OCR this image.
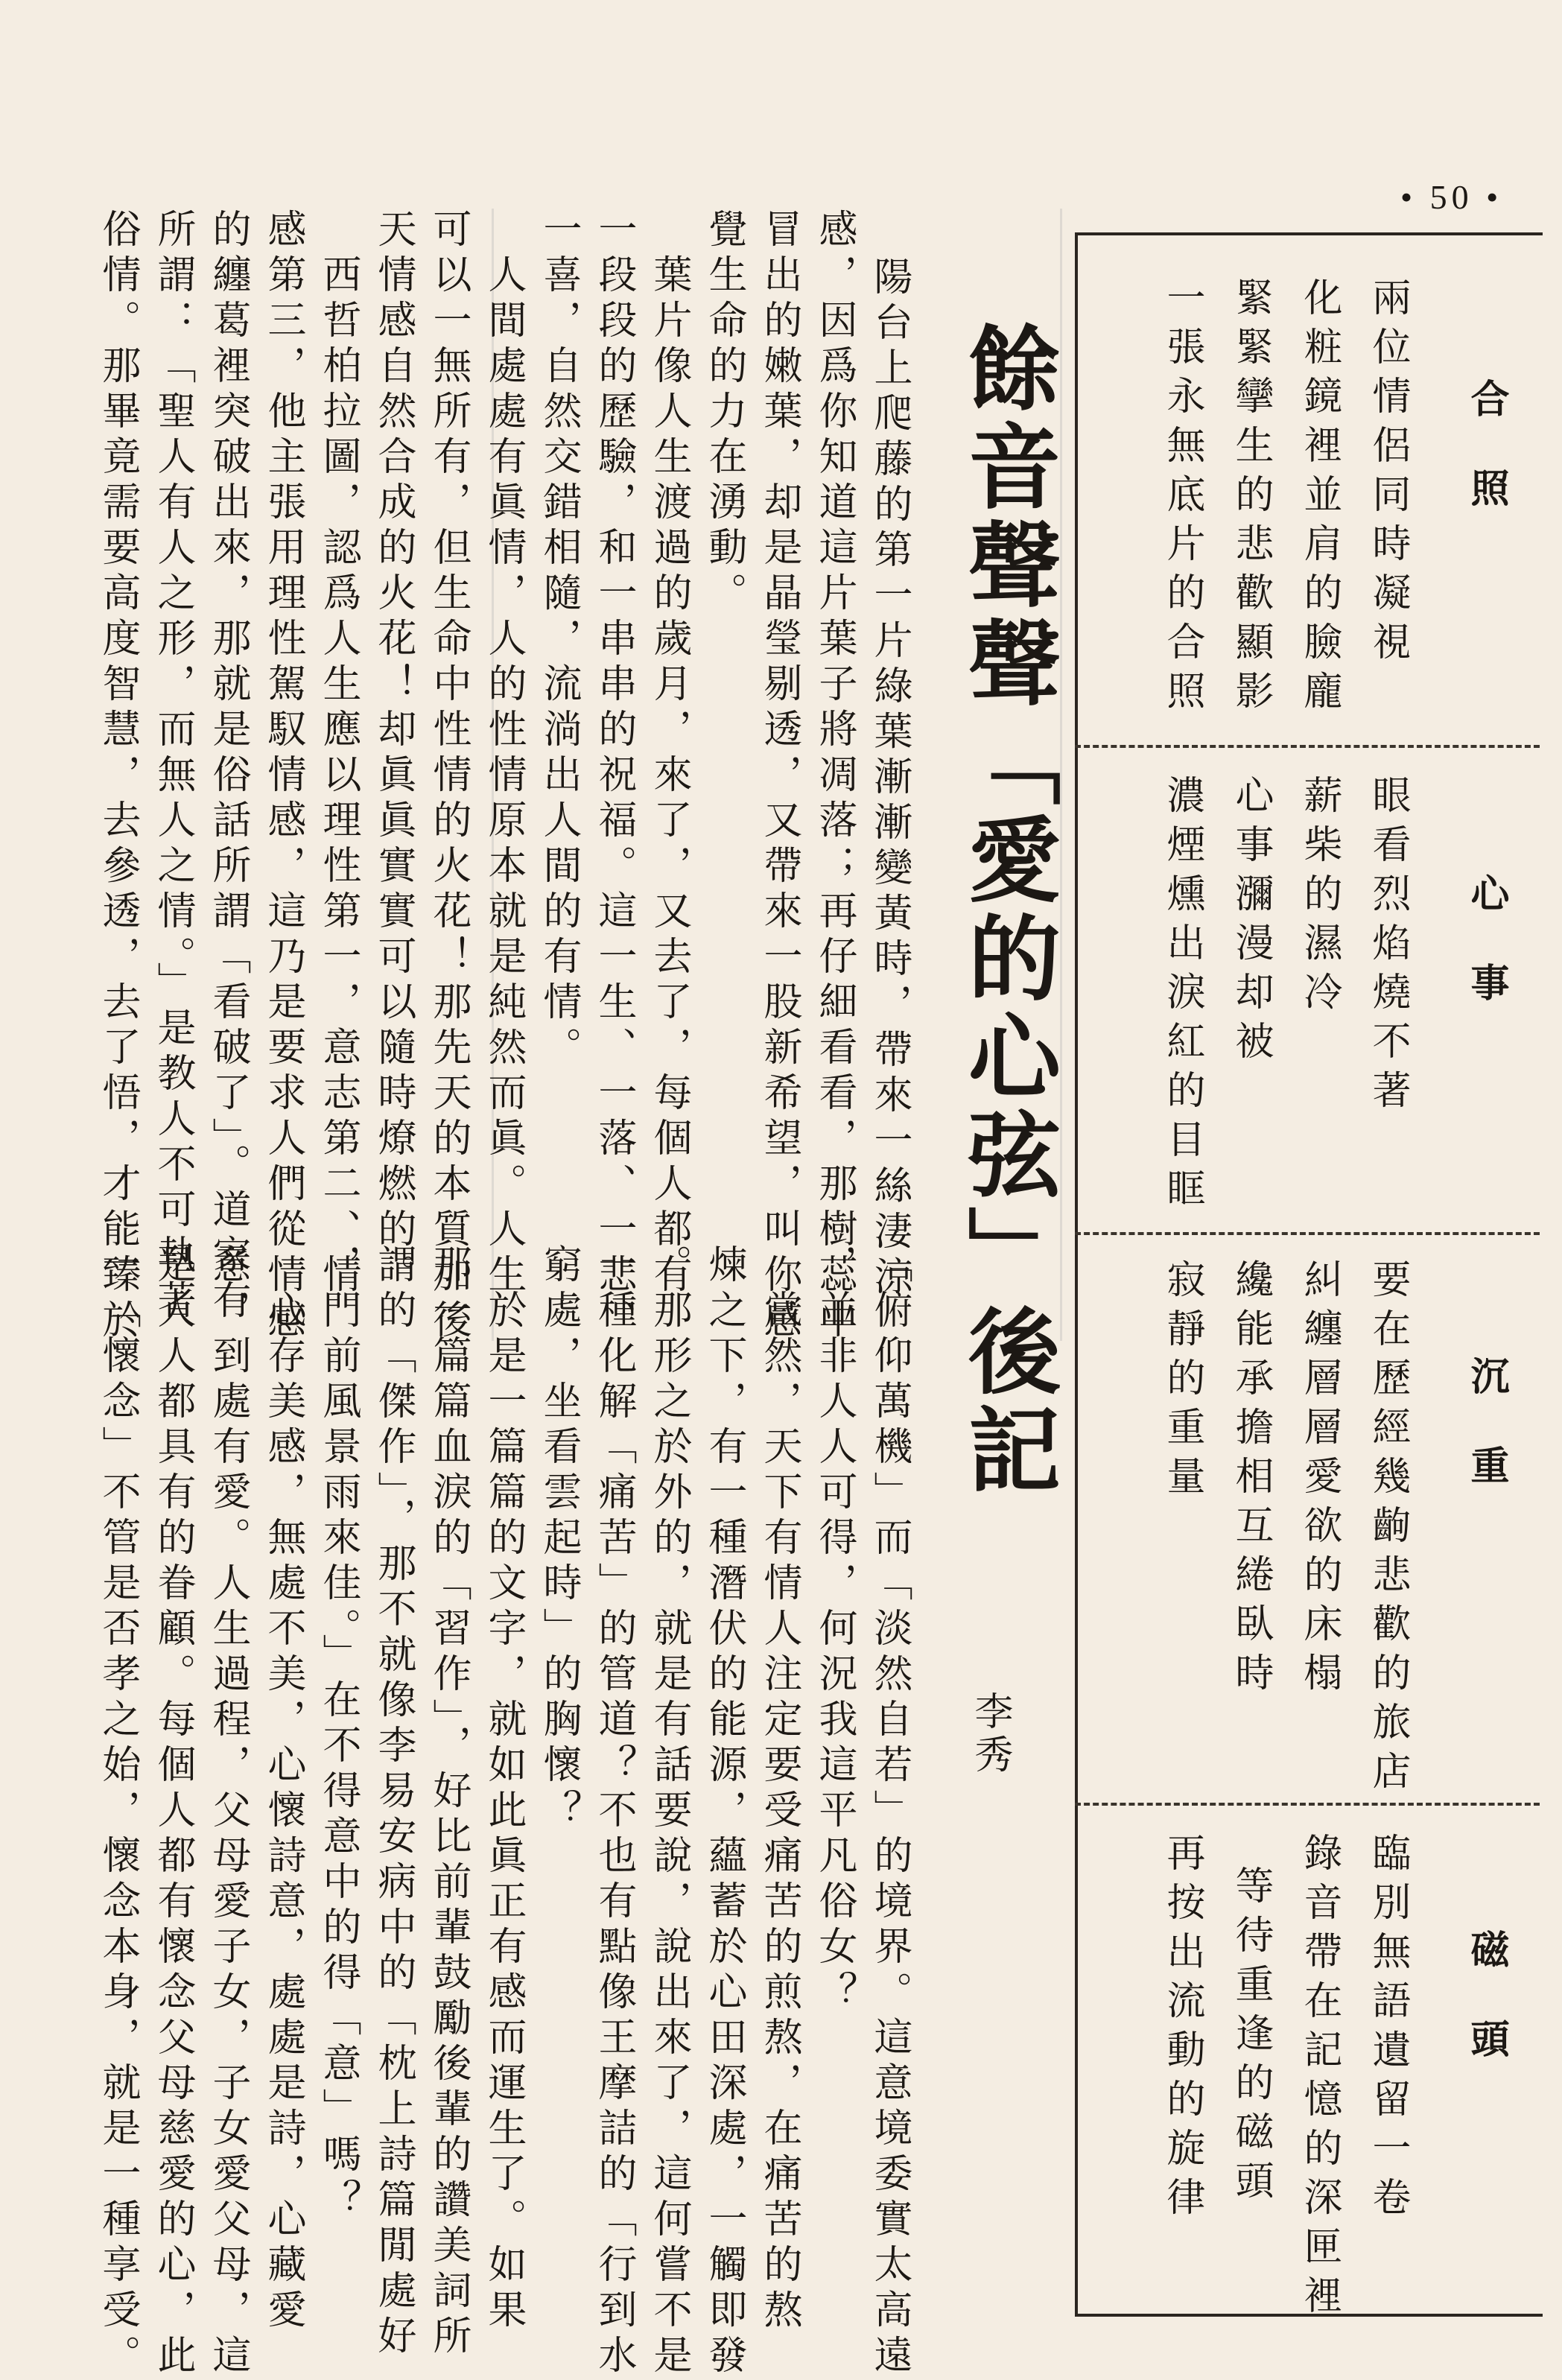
• 50 •
合照
兩位情侶同時凝視
化粧鏡裡並肩的臉龐
緊緊攣生的悲歡顯影
一張永無底片的合照
心事
眼看烈焰燒不著
薪柴的濕冷
心事瀰漫却被
濃煙燻出淚紅的目眶
沉重
要在歷經幾齣悲歡的旅店
糾纏層層愛欲的床榻
纔能承擔相互綣臥時
寂靜的重量
磁頭
臨別無語遺留一卷
錄音帶在記憶的深匣裡
等待重逢的磁頭
再按出流動的旋律
餘音聲聲「愛的心弦」後記
李秀
陽台上爬藤的第一片綠葉漸漸變黃時，帶來一絲淒涼
感，因爲你知道這片葉子將凋落；再仔細看看，那樹蕊中
冒出的嫩葉，却是晶瑩剔透，又帶來一股新希望，叫你感
覺生命的力在湧動。
　葉片像人生渡過的歲月，來了，又去了，每個人都有
一段段的歷驗，和一串串的祝福。這一生、一落、一悲、
一喜，自然交錯相隨，流淌出人間的有情。
　人間處處有眞情，人的性情原本就是純然而眞。人生
可以一無所有，但生命中性情的火花！那先天的本質加後
天情感自然合成的火花！却眞眞實實可以隨時燎燃的。
　西哲柏拉圖，認爲人生應以理性第一，意志第二、情
感第三，他主張用理性駕馭情感，這乃是要求人們從情感
的纏葛裡突破出來，那就是俗話所謂「看破了」。道家有
所謂：「聖人有人之形，而無人之情。」是教人不可執著
俗情。那畢竟需要高度智慧，去參透，去了悟，才能臻於
「俯仰萬機」而「淡然自若」的境界。這意境委實太高遠
，並非人人可得，何況我這平凡俗女？
　當然，天下有情人注定要受痛苦的煎熬，在痛苦的熬
煉之下，有一種潛伏的能源，蘊蓄於心田深處，一觸即發
。那形之於外的，就是有話要說，說出來了，這何嘗不是
一種化解「痛苦」的管道？不也有點像王摩詰的「行到水
窮處，坐看雲起時」的胸懷？
　於是一篇篇的文字，就如此眞正有感而運生了。如果
那一篇篇血淚的「習作」，好比前輩鼓勵後輩的讚美詞所
謂的「傑作」，那不就像李易安病中的「枕上詩篇閒處好
，門前風景雨來佳。」在不得意中的得「意」嗎？
　心存美感，無處不美，心懷詩意，處處是詩，心藏愛
意，到處有愛。人生過程，父母愛子女，子女愛父母，這
是人人都具有的眷顧。每個人都有懷念父母慈愛的心，此
一「懷念」不管是否孝之始，懷念本身，就是一種享受。
